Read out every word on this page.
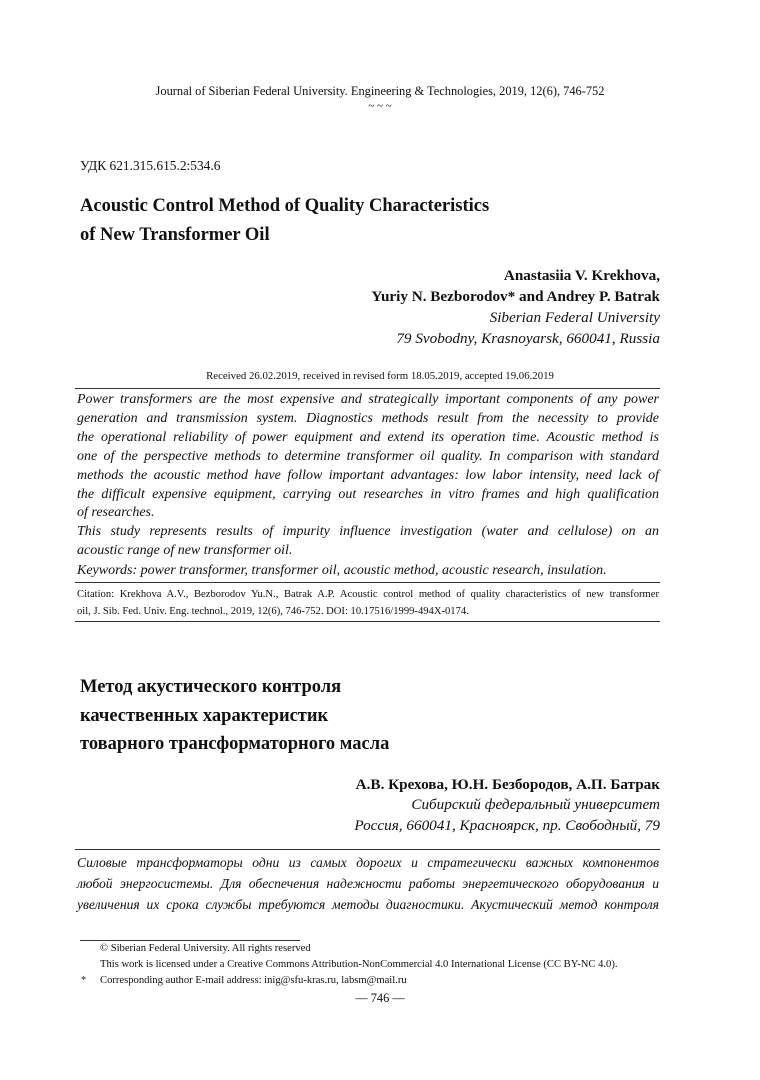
Journal of Siberian Federal University. Engineering & Technologies, 2019, 12(6), 746-752
~ ~ ~
УДК 621.315.615.2:534.6
Acoustic Control Method of Quality Characteristics
of New Transformer Oil
Anastasiia V. Krekhova,
Yuriy N. Bezborodov* and Andrey P. Batrak
Siberian Federal University
79 Svobodny, Krasnoyarsk, 660041, Russia
Received 26.02.2019, received in revised form 18.05.2019, accepted 19.06.2019
Power transformers are the most expensive and strategically important components of any power
generation and transmission system. Diagnostics methods result from the necessity to provide
the operational reliability of power equipment and extend its operation time. Acoustic method is
one of the perspective methods to determine transformer oil quality. In comparison with standard
methods the acoustic method have follow important advantages: low labor intensity, need lack of
the difficult expensive equipment, carrying out researches in vitro frames and high qualification
of researches.
This study represents results of impurity influence investigation (water and cellulose) on an
acoustic range of new transformer oil.
Keywords: power transformer, transformer oil, acoustic method, acoustic research, insulation.
Citation: Krekhova A.V., Bezborodov Yu.N., Batrak A.P. Acoustic control method of quality characteristics of new transformer
oil, J. Sib. Fed. Univ. Eng. technol., 2019, 12(6), 746-752. DOI: 10.17516/1999-494X-0174.
Метод акустического контроля
качественных характеристик
товарного трансформаторного масла
А.В. Крехова, Ю.Н. Безбородов, А.П. Батрак
Сибирский федеральный университет
Россия, 660041, Красноярск, пр. Свободный, 79
Силовые трансформаторы одни из самых дорогих и стратегически важных компонентов
любой энергосистемы. Для обеспечения надежности работы энергетического оборудования и
увеличения их срока службы требуются методы диагностики. Акустический метод контроля
© Siberian Federal University. All rights reserved
This work is licensed under a Creative Commons Attribution-NonCommercial 4.0 International License (CC BY-NC 4.0).
* Corresponding author E-mail address: inig@sfu-kras.ru, labsm@mail.ru
— 746 —
